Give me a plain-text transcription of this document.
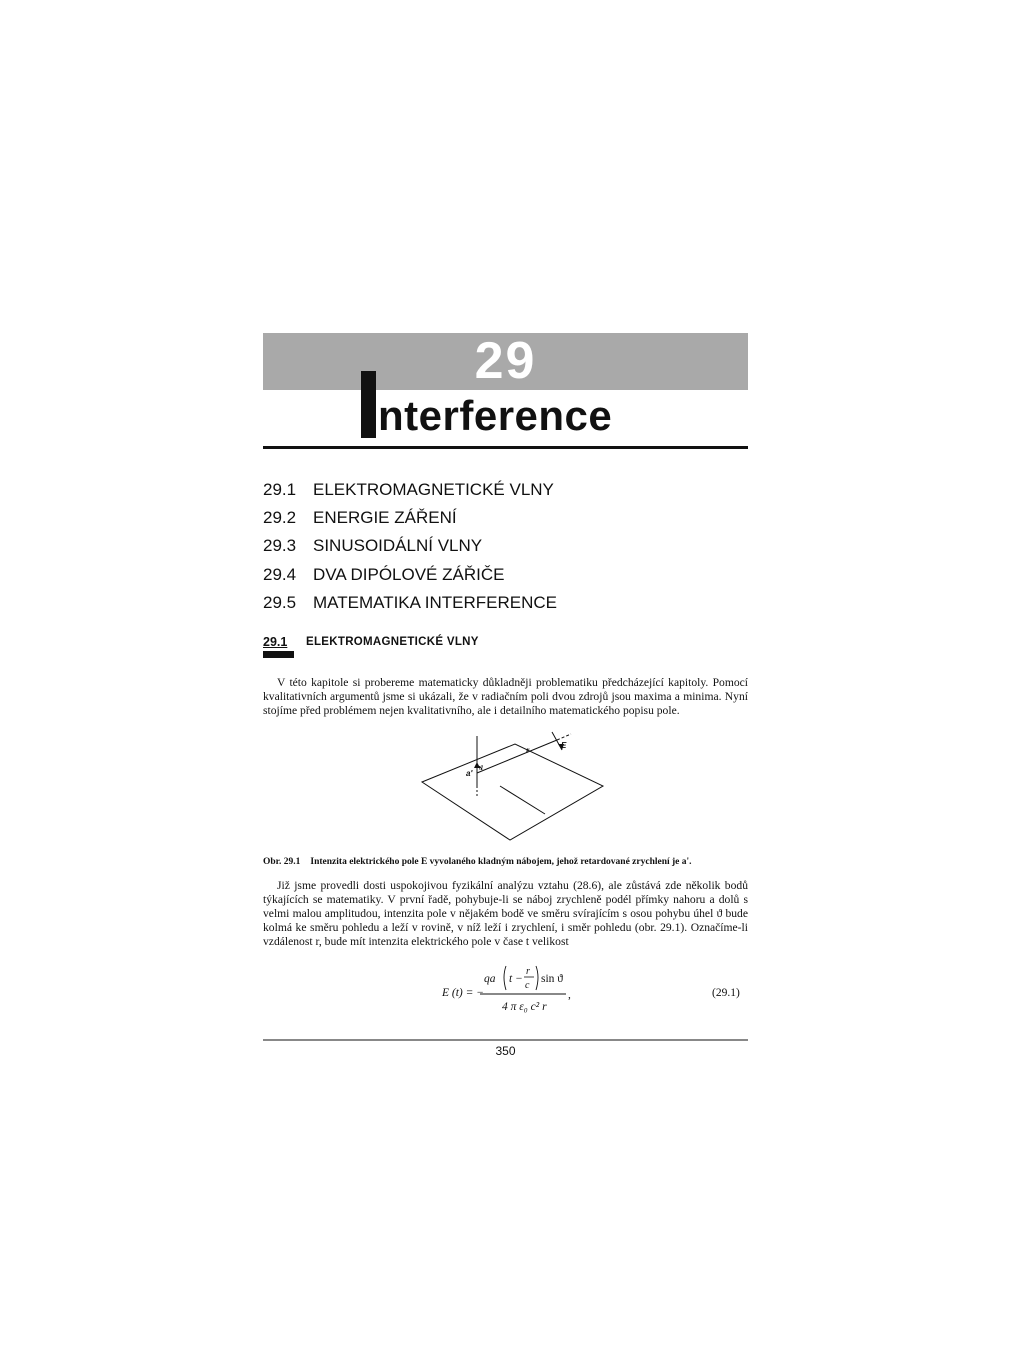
29
nterference
29.1 ELEKTROMAGNETICKÉ VLNY
29.2 ENERGIE ZÁŘENÍ
29.3 SINUSOIDÁLNÍ VLNY
29.4 DVA DIPÓLOVÉ ZÁŘIČE
29.5 MATEMATIKA INTERFERENCE
29.1 ELEKTROMAGNETICKÉ VLNY
V této kapitole si probereme matematicky důkladněji problematiku předcházející kapitoly. Pomocí kvalitativních argumentů jsme si ukázali, že v radiačním poli dvou zdrojů jsou maxima a minima. Nyní stojíme před problémem nejen kvalitativního, ale i detailního matematického popisu pole.
a'
ϑ
r
E
Obr. 29.1 Intenzita elektrického pole E vyvolaného kladným nábojem, jehož retardované zrychlení je a'.
Již jsme provedli dosti uspokojivou fyzikální analýzu vztahu (28.6), ale zůstává zde několik bodů týkajících se matematiky. V první řadě, pohybuje-li se náboj zrychleně podél přímky nahoru a dolů s velmi malou amplitudou, intenzita pole v nějakém bodě ve směru svírajícím s osou pohybu úhel ϑ bude kolmá ke směru pohledu a leží v rovině, v níž leží i zrychlení, i směr pohledu (obr. 29.1). Označíme-li vzdálenost r, bude mít intenzita elektrického pole v čase t velikost
E (t) = −
qa t −
r
c
sin ϑ
4 π ε₀ c² r
,	(29.1)
350
